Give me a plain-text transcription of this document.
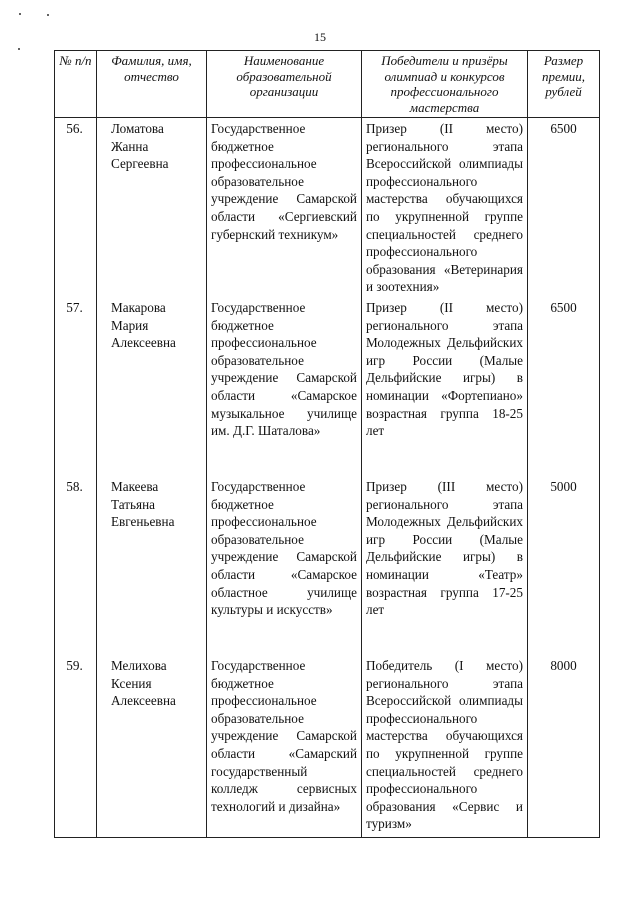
15
№ п/п	Фамилия, имя, отчество	Наименование образовательной организации	Победители и призёры олимпиад и конкурсов профессионального мастерства	Размер премии, рублей
56.	Ломатова Жанна Сергеевна	Государственное бюджетное профессиональное образовательное учреждение Самарской области «Сергиевский губернский техникум»	Призер (II место) регионального этапа Всероссийской олимпиады профессионального мастерства обучающихся по укрупненной группе специальностей среднего профессионального образования «Ветеринария и зоотехния»	6500
57.	Макарова Мария Алексеевна	Государственное бюджетное профессиональное образовательное учреждение Самарской области «Самарское музыкальное училище им. Д.Г. Шаталова»	Призер (II место) регионального этапа Молодежных Дельфийских игр России (Малые Дельфийские игры) в номинации «Фортепиано» возрастная группа 18-25 лет	6500
58.	Макеева Татьяна Евгеньевна	Государственное бюджетное профессиональное образовательное учреждение Самарской области «Самарское областное училище культуры и искусств»	Призер (III место) регионального этапа Молодежных Дельфийских игр России (Малые Дельфийские игры) в номинации «Театр» возрастная группа 17-25 лет	5000
59.	Мелихова Ксения Алексеевна	Государственное бюджетное профессиональное образовательное учреждение Самарской области «Самарский государственный колледж сервисных технологий и дизайна»	Победитель (I место) регионального этапа Всероссийской олимпиады профессионального мастерства обучающихся по укрупненной группе специальностей среднего профессионального образования «Сервис и туризм»	8000
